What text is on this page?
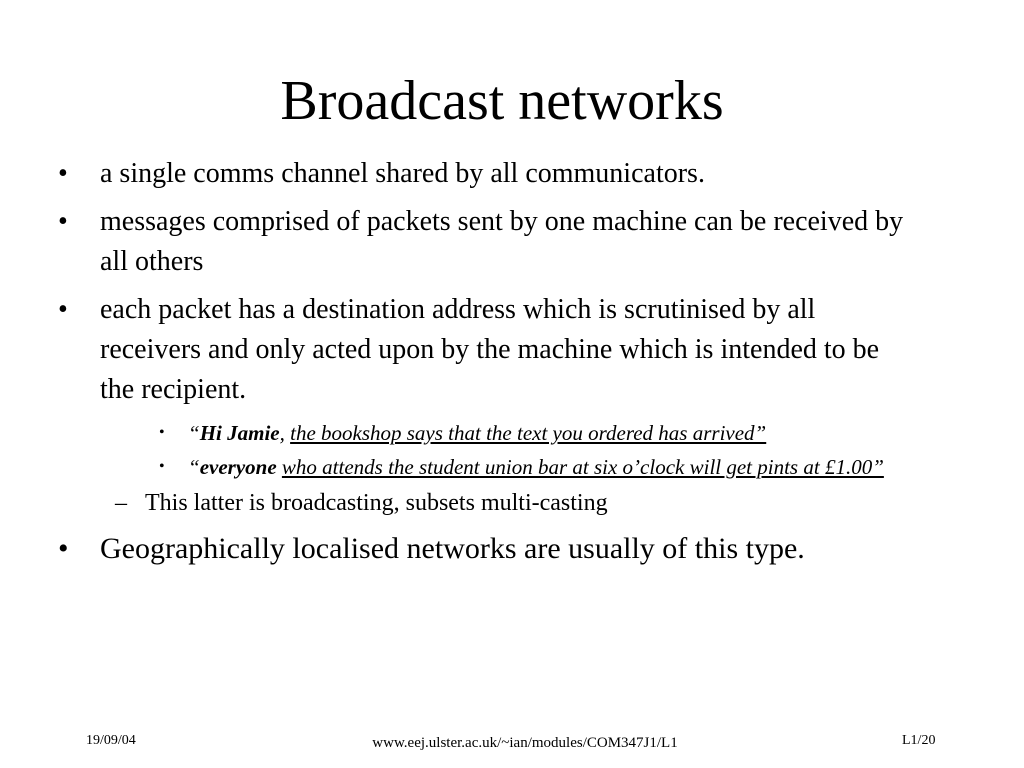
Broadcast networks
• a single comms channel shared by all communicators.
• messages comprised of packets sent by one machine can be received by all others
• each packet has a destination address which is scrutinised by all receivers and only acted upon by the machine which is intended to be the recipient.
• “Hi Jamie, the bookshop says that the text you ordered has arrived”
• “everyone who attends the student union bar at six o’clock will get pints at £1.00”
– This latter is broadcasting, subsets multi-casting
• Geographically localised networks are usually of this type.
19/09/04	www.eej.ulster.ac.uk/~ian/modules/COM347J1/L1	L1/20
